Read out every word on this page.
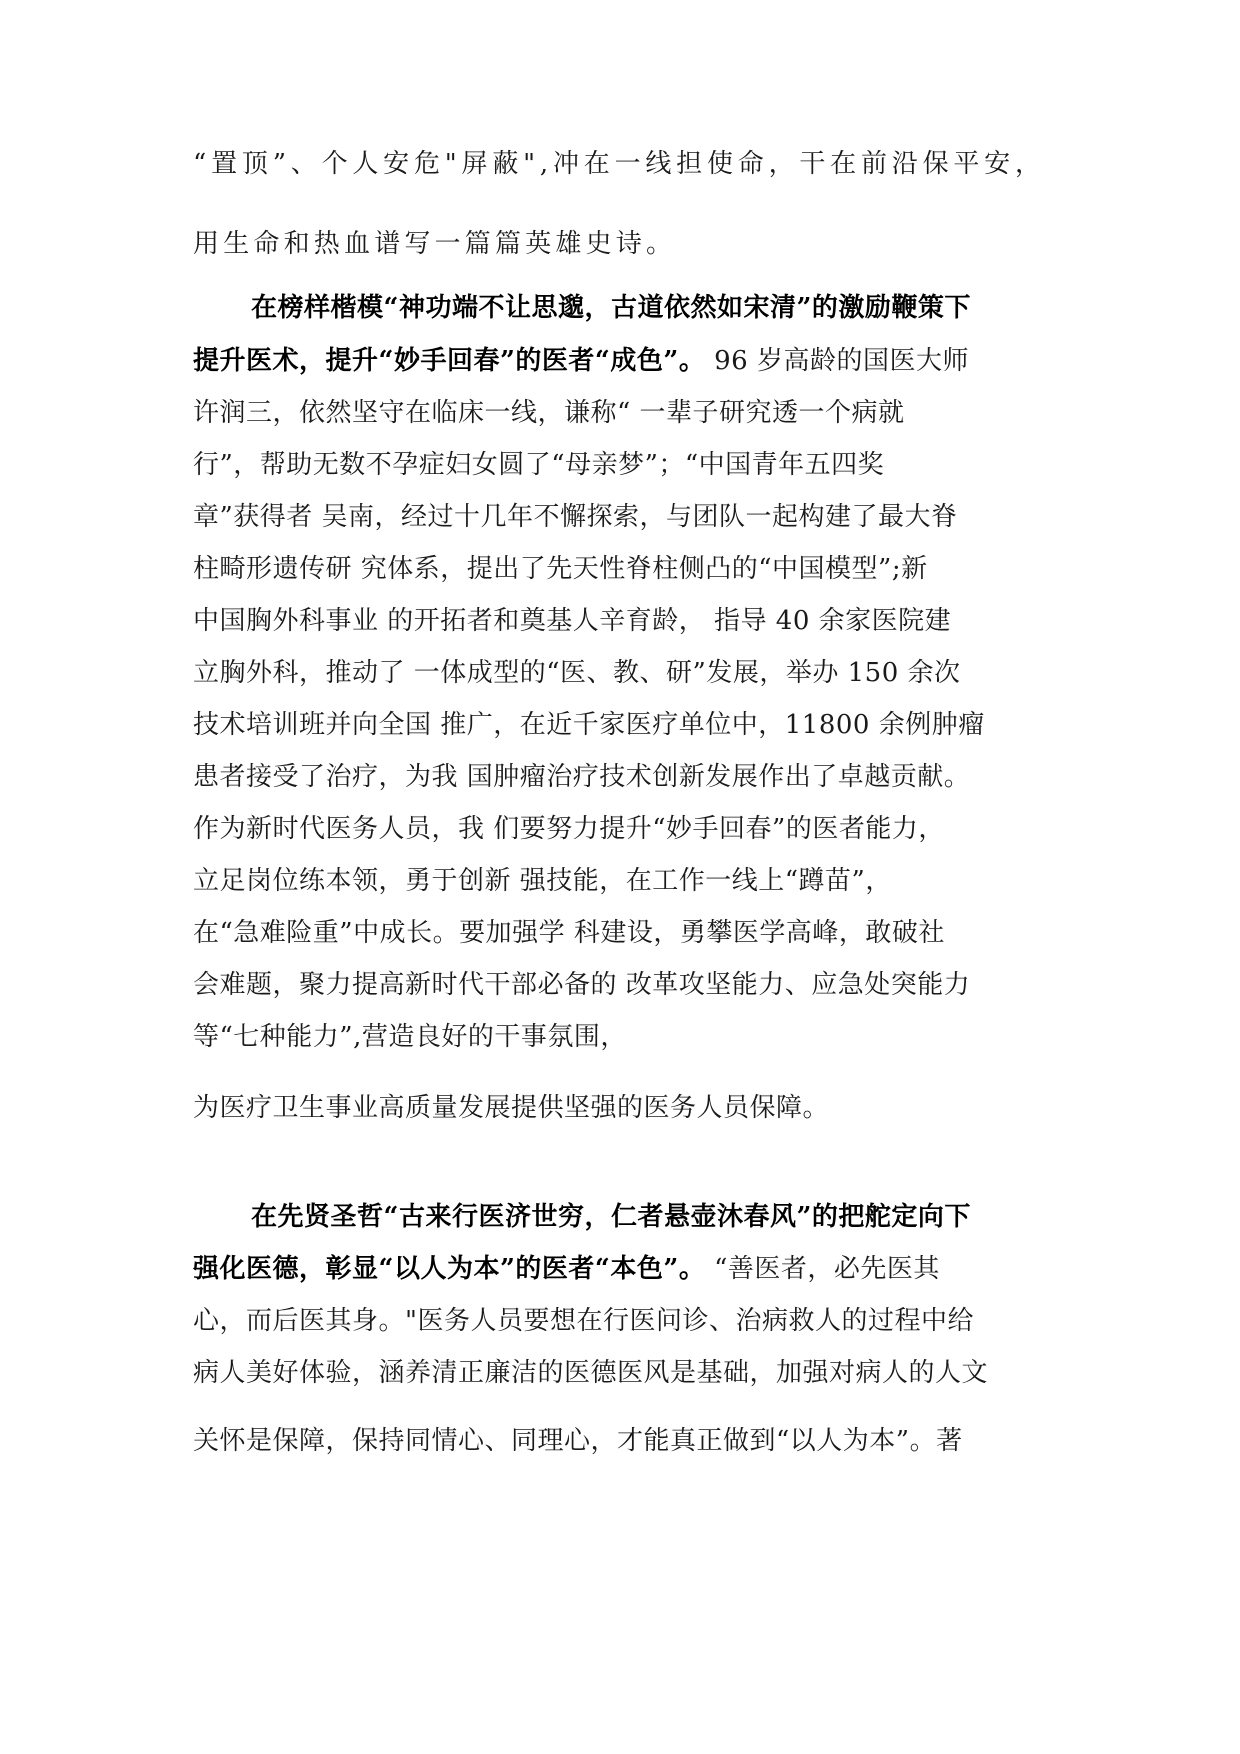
“置顶”、个人安危"屏蔽",冲在一线担使命，干在前沿保平安，
用生命和热血谱写一篇篇英雄史诗。
在榜样楷模“神功端不让思邈，古道依然如宋清”的激励鞭策下
提升医术，提升“妙手回春”的医者“成色”。 96 岁高龄的国医大师
许润三，依然坚守在临床一线，谦称“ 一辈子研究透一个病就
行”，帮助无数不孕症妇女圆了“母亲梦”；“中国青年五四奖
章”获得者 吴南，经过十几年不懈探索，与团队一起构建了最大脊
柱畸形遗传研 究体系，提出了先天性脊柱侧凸的“中国模型”;新
中国胸外科事业 的开拓者和奠基人辛育龄， 指导 40 余家医院建
立胸外科，推动了 一体成型的“医、教、研”发展，举办 150 余次
技术培训班并向全国 推广，在近千家医疗单位中，11800 余例肿瘤
患者接受了治疗，为我 国肿瘤治疗技术创新发展作出了卓越贡献。
作为新时代医务人员，我 们要努力提升“妙手回春”的医者能力，
立足岗位练本领，勇于创新 强技能，在工作一线上“蹲苗”，
在“急难险重”中成长。要加强学 科建设，勇攀医学高峰，敢破社
会难题，聚力提高新时代干部必备的 改革攻坚能力、应急处突能力
等“七种能力”,营造良好的干事氛围，
为医疗卫生事业高质量发展提供坚强的医务人员保障。
在先贤圣哲“古来行医济世穷，仁者悬壶沐春风”的把舵定向下
强化医德，彰显“以人为本”的医者“本色”。 “善医者，必先医其
心，而后医其身。"医务人员要想在行医问诊、治病救人的过程中给
病人美好体验，涵养清正廉洁的医德医风是基础，加强对病人的人文
关怀是保障，保持同情心、同理心，才能真正做到“以人为本”。著
